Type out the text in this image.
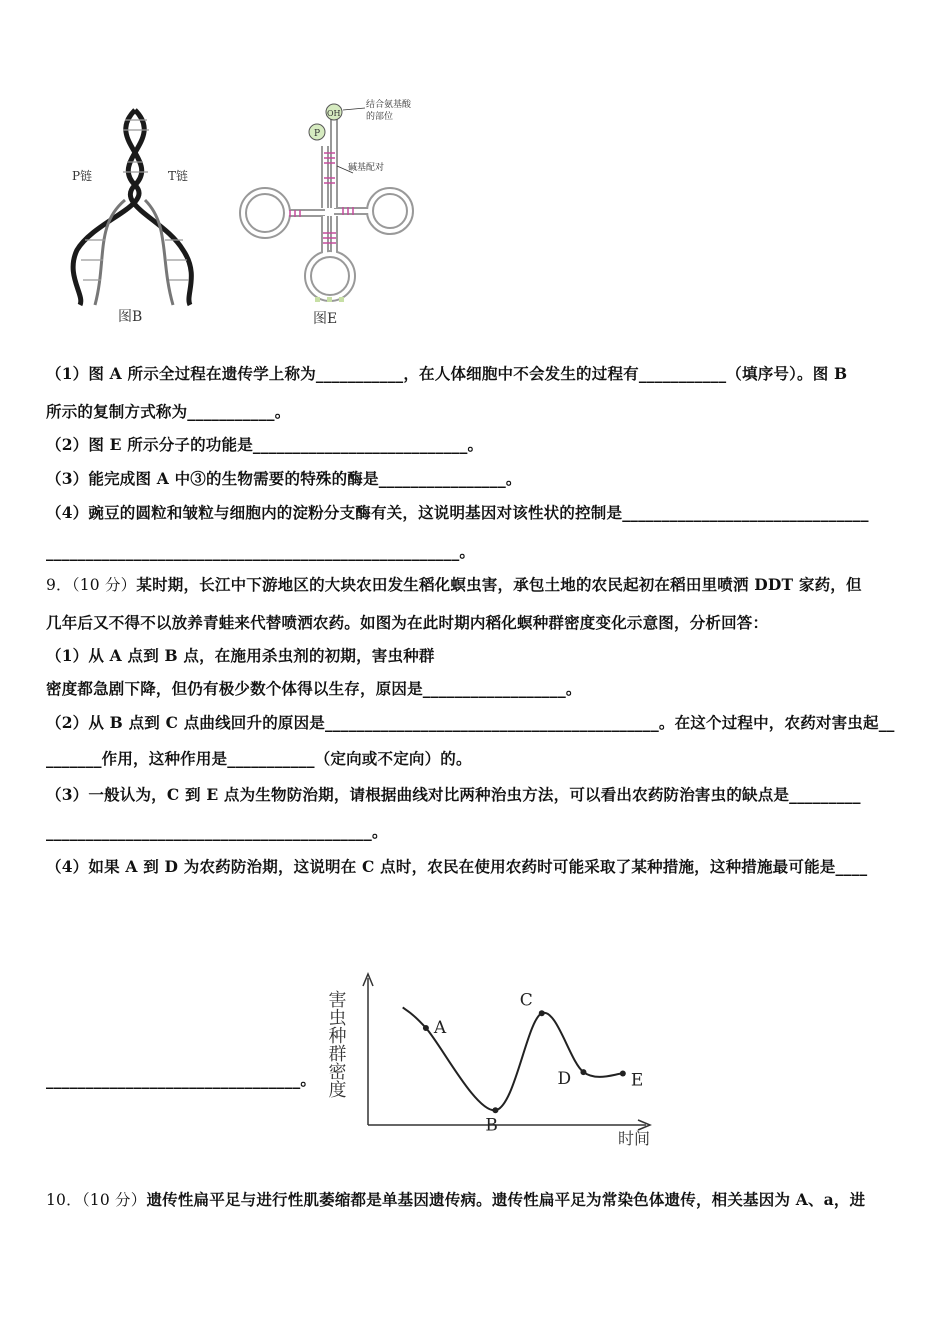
P链	T链
图B
OH
P
结合氨基酸
的部位
碱基配对
图E
（1）图 A 所示全过程在遗传学上称为___________，在人体细胞中不会发生的过程有___________（填序号）。图 B
所示的复制方式称为___________。
（2）图 E 所示分子的功能是___________________________。
（3）能完成图 A 中③的生物需要的特殊的酶是________________。
（4）豌豆的圆粒和皱粒与细胞内的淀粉分支酶有关，这说明基因对该性状的控制是_______________________________
____________________________________________________。
9．（10 分）某时期，长江中下游地区的大块农田发生稻化螟虫害，承包土地的农民起初在稻田里喷洒 DDT 家药，但
几年后又不得不以放养青蛙来代替喷洒农药。如图为在此时期内稻化螟种群密度变化示意图，分析回答：
（1）从 A 点到 B 点，在施用杀虫剂的初期，害虫种群
密度都急剧下降，但仍有极少数个体得以生存，原因是__________________。
（2）从 B 点到 C 点曲线回升的原因是__________________________________________。在这个过程中，农药对害虫起__
_______作用，这种作用是___________（定向或不定向）的。
（3）一般认为，C 到 E 点为生物防治期，请根据曲线对比两种治虫方法，可以看出农药防治害虫的缺点是_________
_________________________________________。
（4）如果 A 到 D 为农药防治期，这说明在 C 点时，农民在使用农药时可能采取了某种措施，这种措施最可能是____
________________________________。
A
B
C
D	E
害虫种群密度
时间
10．（10 分）遗传性扁平足与进行性肌萎缩都是单基因遗传病。遗传性扁平足为常染色体遗传，相关基因为 A、a，进
